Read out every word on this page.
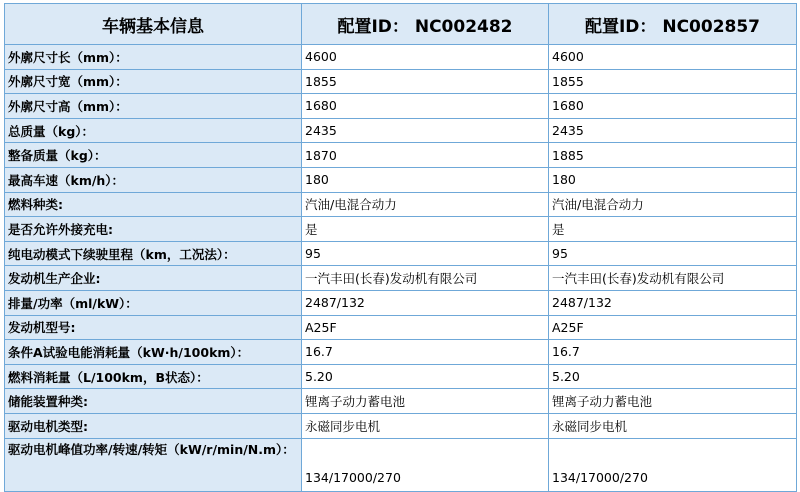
车辆基本信息	配置ID： NC002482	配置ID： NC002857
外廓尺寸长（mm）：	4600	4600
外廓尺寸宽（mm）：	1855	1855
外廓尺寸高（mm）：	1680	1680
总质量（kg）：	2435	2435
整备质量（kg）：	1870	1885
最高车速（km/h）：	180	180
燃料种类:	汽油/电混合动力	汽油/电混合动力
是否允许外接充电:	是	是
纯电动模式下续驶里程（km，工况法）：	95	95
发动机生产企业:	一汽丰田(长春)发动机有限公司	一汽丰田(长春)发动机有限公司
排量/功率（ml/kW）：	2487/132	2487/132
发动机型号:	A25F	A25F
条件A试验电能消耗量（kW·h/100km）：	16.7	16.7
燃料消耗量（L/100km，B状态）：	5.20	5.20
储能装置种类:	锂离子动力蓄电池	锂离子动力蓄电池
驱动电机类型:	永磁同步电机	永磁同步电机
驱动电机峰值功率/转速/转矩（kW/r/min/N.m）：	134/17000/270	134/17000/270
